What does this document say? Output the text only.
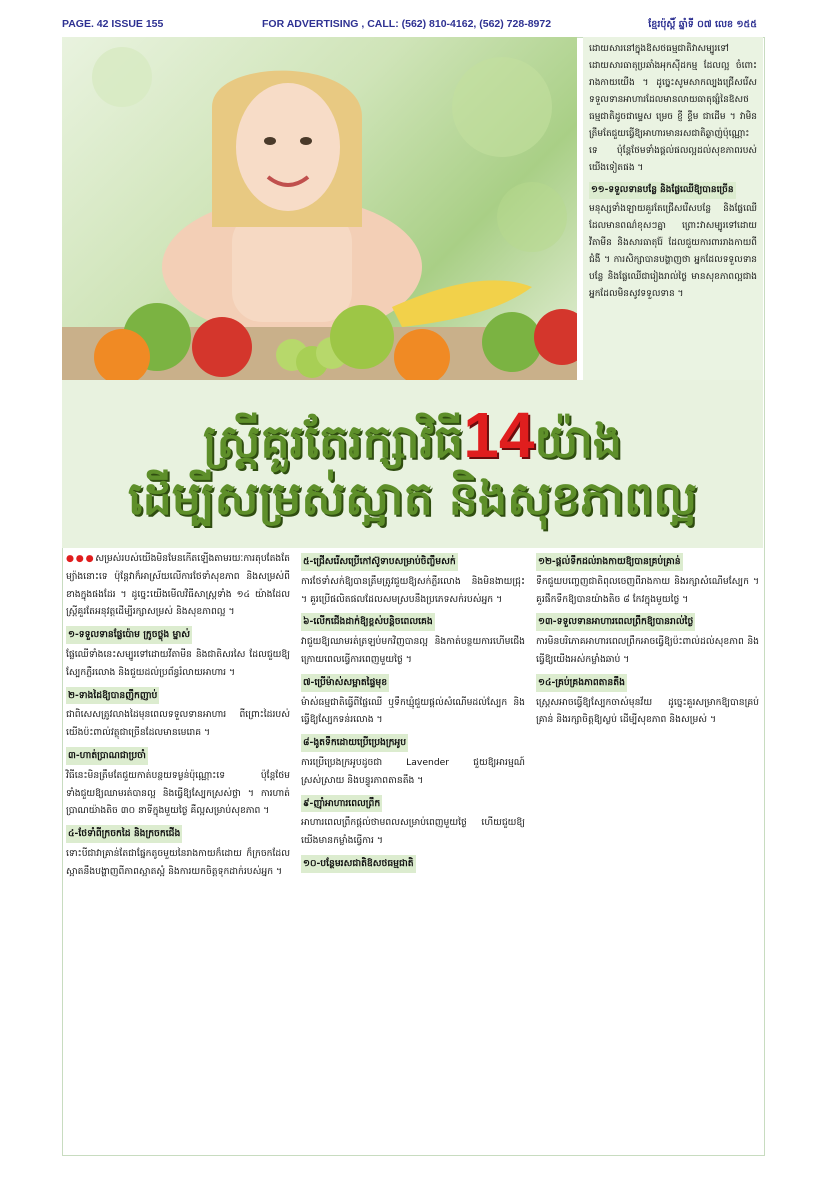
PAGE. 42 ISSUE 155	FOR ADVERTISING , CALL: (562) 810-4162, (562) 728-8972	ខ្មែរប៉ុស្តិ៍ ឆ្នាំទី ០៧ លេខ ១៥៥

ដោយសារនៅក្នុងឱសថធម្មជាតិវាសម្បូរទៅដោយសារធាតុប្រឆាំងអុកស៊ីដកម្ម ដែលល្អ ចំពោះរាងកាយយើង ។ ដូច្នេះសូមសាកល្បងជ្រើសរើសទទួលទានអាហារដែលមានលាយធាតុផ្សំនៃឱសថធម្មជាតិដូចជាម្ទេស ម្រេច ខ្ញី ខ្ទឹម ជាដើម ។ វាមិនត្រឹមតែជួយធ្វើឱ្យអាហារមានរសជាតិឆ្ងាញ់ប៉ុណ្ណោះទេ ប៉ុន្តែថែមទាំងផ្តល់ផលល្អដល់សុខភាពរបស់យើងទៀតផង ។

១១-ទទួលទានបន្លែ និងផ្លែឈើឱ្យបានច្រើន

មនុស្សទាំងឡាយគួរតែជ្រើសរើសបន្លែ និងផ្លែឈើ ដែលមានពណ៌ខុសៗគ្នា ព្រោះវាសម្បូរទៅដោយវីតាមីន និងសារធាតុរ៉ែ ដែលជួយការពាររាងកាយពីជំងឺ ។ ការសិក្សាបានបង្ហាញថា អ្នកដែលទទួលទានបន្លែ និងផ្លែឈើជារៀងរាល់ថ្ងៃ មានសុខភាពល្អជាងអ្នកដែលមិនសូវទទួលទាន ។

ស្ត្រីគួរតែរក្សាវិធី14យ៉ាង
ដើម្បីសម្រស់ស្អាត និងសុខភាពល្អ

●●●សម្រស់របស់យើងមិនមែនកើតឡើងតាមរយៈការតុបតែងតែម្យ៉ាងនោះទេ ប៉ុន្តែវាក៏អាស្រ័យលើការថែទាំសុខភាព និងសម្រស់ពីខាងក្នុងផងដែរ ។ ដូច្នេះយើងមើលវិធីសាស្ត្រទាំង ១៤ យ៉ាងដែលស្ត្រីគួរតែអនុវត្តដើម្បីរក្សាសម្រស់ និងសុខភាពល្អ ។

១-ទទួលទានផ្លែប៉ោម ក្រូចថ្លុង ម្នាស់

ផ្លែឈើទាំងនេះសម្បូរទៅដោយវីតាមីន និងជាតិសរសៃ ដែលជួយឱ្យស្បែកភ្លឺរលោង និងជួយដល់ប្រព័ន្ធរំលាយអាហារ ។

២-ទាងដៃឱ្យបានញឹកញាប់

ជាពិសេសត្រូវលាងដៃមុនពេលទទួលទានអាហារ ពីព្រោះដៃរបស់យើងប៉ះពាល់វត្ថុជាច្រើនដែលមានមេរោគ ។

៣-ហាត់ប្រាណជាប្រចាំ

វិធីនេះមិនត្រឹមតែជួយកាត់បន្ថយទម្ងន់ប៉ុណ្ណោះទេ ប៉ុន្តែថែមទាំងជួយឱ្យឈាមរត់បានល្អ និងធ្វើឱ្យស្បែកស្រស់ថ្លា ។ ការហាត់ប្រាណយ៉ាងតិច ៣០ នាទីក្នុងមួយថ្ងៃ គឺល្អសម្រាប់សុខភាព ។

៤-ថែទាំពីក្រចកដៃ និងក្រចកជើង

ទោះបីជាវាគ្រាន់តែជាផ្នែកតូចមួយនៃរាងកាយក៏ដោយ ក៏ក្រចកដែលស្អាតនឹងបង្ហាញពីភាពស្អាតស្អំ និងការយកចិត្តទុកដាក់របស់អ្នក ។

៥-ជ្រើសរើសប្រើកៅស៊ូទាបសម្រាប់ចិញ្ចឹមសក់

ការថែទាំសក់ឱ្យបានត្រឹមត្រូវជួយឱ្យសក់ភ្លឺរលោង និងមិនងាយជ្រុះ ។ គួរប្រើផលិតផលដែលសមស្របនឹងប្រភេទសក់របស់អ្នក ។

៦-លើកជើងដាក់ឱ្យខ្ពស់បន្តិចពេលគេង

វាជួយឱ្យឈាមរត់ត្រឡប់មកវិញបានល្អ និងកាត់បន្ថយការហើមជើងក្រោយពេលធ្វើការពេញមួយថ្ងៃ ។

៧-ប្រើម៉ាស់សម្អាតផ្ទៃមុខ

ម៉ាស់ធម្មជាតិធ្វើពីផ្លែឈើ ឬទឹកឃ្មុំជួយផ្តល់សំណើមដល់ស្បែក និងធ្វើឱ្យស្បែកទន់រលោង ។

៨-ងូតទឹកដោយប្រើប្រេងក្រអូប

ការប្រើប្រេងក្រអូបដូចជា Lavender ជួយឱ្យអារម្មណ៍ស្រស់ស្រាយ និងបន្ធូរភាពតានតឹង ។

៩-ញ៉ាំអាហារពេលព្រឹក

អាហារពេលព្រឹកផ្តល់ថាមពលសម្រាប់ពេញមួយថ្ងៃ ហើយជួយឱ្យយើងមានកម្លាំងធ្វើការ ។

១០-បន្ថែមរសជាតិឱសថធម្មជាតិ

១២-ផ្តល់ទឹកដល់រាងកាយឱ្យបានគ្រប់គ្រាន់

ទឹកជួយបញ្ចេញជាតិពុលចេញពីរាងកាយ និងរក្សាសំណើមស្បែក ។ គួរផឹកទឹកឱ្យបានយ៉ាងតិច ៨ កែវក្នុងមួយថ្ងៃ ។

១៣-ទទួលទានអាហារពេលព្រឹកឱ្យបានរាល់ថ្ងៃ

ការមិនបរិភោគអាហារពេលព្រឹកអាចធ្វើឱ្យប៉ះពាល់ដល់សុខភាព និងធ្វើឱ្យយើងអស់កម្លាំងឆាប់ ។

១៤-គ្រប់គ្រងភាពតានតឹង

ស្ត្រេសអាចធ្វើឱ្យស្បែកចាស់មុនវ័យ ដូច្នេះគួរសម្រាកឱ្យបានគ្រប់គ្រាន់ និងរក្សាចិត្តឱ្យស្ងប់ ដើម្បីសុខភាព និងសម្រស់ ។
